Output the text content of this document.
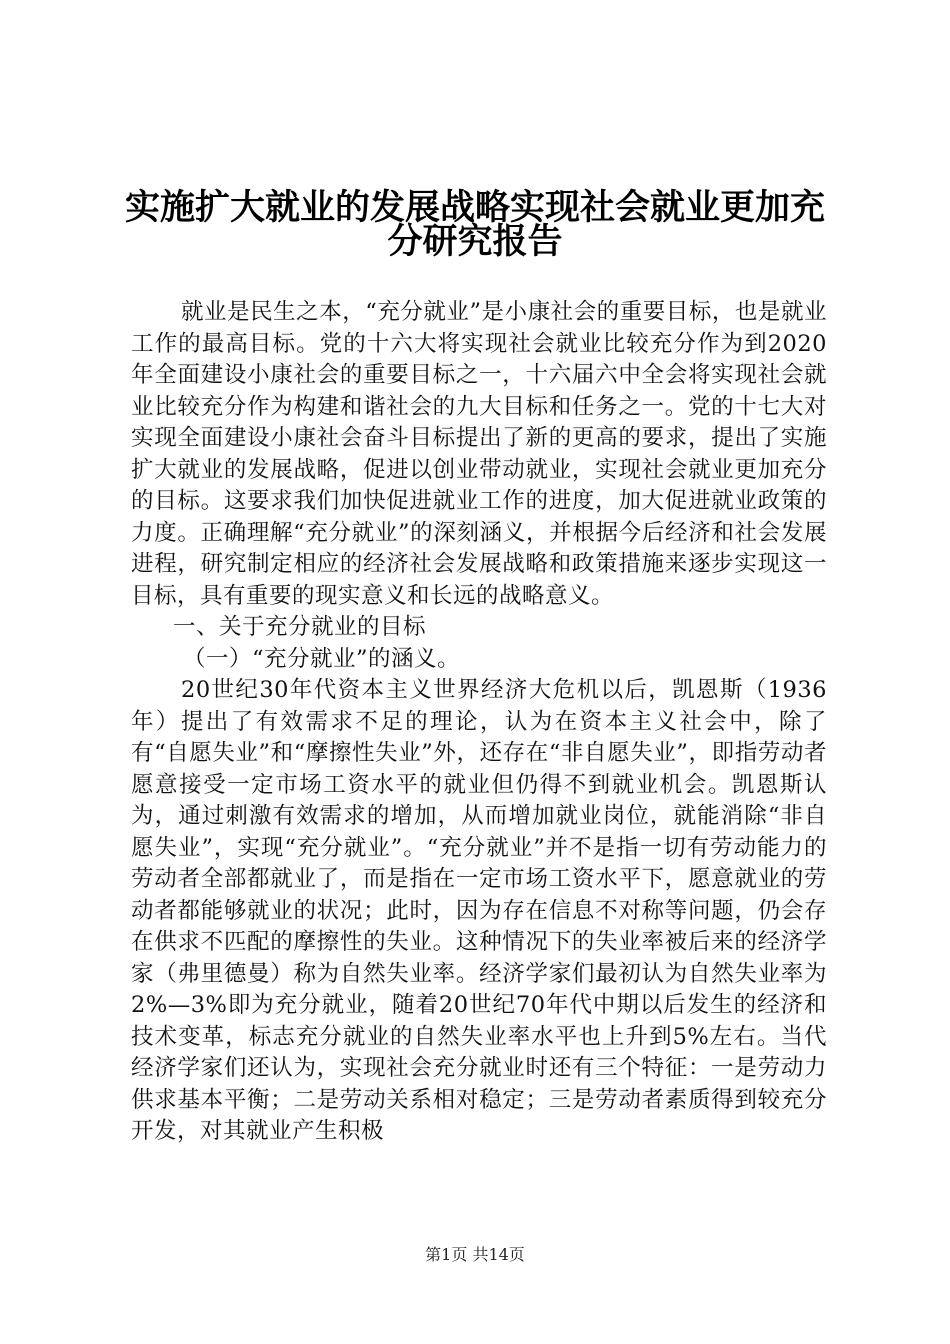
实施扩大就业的发展战略实现社会就业更加充
分研究报告

就业是民生之本，“充分就业”是小康社会的重要目标，也是就业工作的最高目标。党的十六大将实现社会就业比较充分作为到2020年全面建设小康社会的重要目标之一，十六届六中全会将实现社会就业比较充分作为构建和谐社会的九大目标和任务之一。党的十七大对实现全面建设小康社会奋斗目标提出了新的更高的要求，提出了实施扩大就业的发展战略，促进以创业带动就业，实现社会就业更加充分的目标。这要求我们加快促进就业工作的进度，加大促进就业政策的力度。正确理解“充分就业”的深刻涵义，并根据今后经济和社会发展进程，研究制定相应的经济社会发展战略和政策措施来逐步实现这一目标，具有重要的现实意义和长远的战略意义。

一、关于充分就业的目标

（一）“充分就业”的涵义。

20世纪30年代资本主义世界经济大危机以后，凯恩斯（1936年）提出了有效需求不足的理论，认为在资本主义社会中，除了有“自愿失业”和“摩擦性失业”外，还存在“非自愿失业”，即指劳动者愿意接受一定市场工资水平的就业但仍得不到就业机会。凯恩斯认为，通过刺激有效需求的增加，从而增加就业岗位，就能消除“非自愿失业”，实现“充分就业”。“充分就业”并不是指一切有劳动能力的劳动者全部都就业了，而是指在一定市场工资水平下，愿意就业的劳动者都能够就业的状况；此时，因为存在信息不对称等问题，仍会存在供求不匹配的摩擦性的失业。这种情况下的失业率被后来的经济学家（弗里德曼）称为自然失业率。经济学家们最初认为自然失业率为2%—3%即为充分就业，随着20世纪70年代中期以后发生的经济和技术变革，标志充分就业的自然失业率水平也上升到5%左右。当代经济学家们还认为，实现社会充分就业时还有三个特征：一是劳动力供求基本平衡；二是劳动关系相对稳定；三是劳动者素质得到较充分开发，对其就业产生积极

第1页 共14页
